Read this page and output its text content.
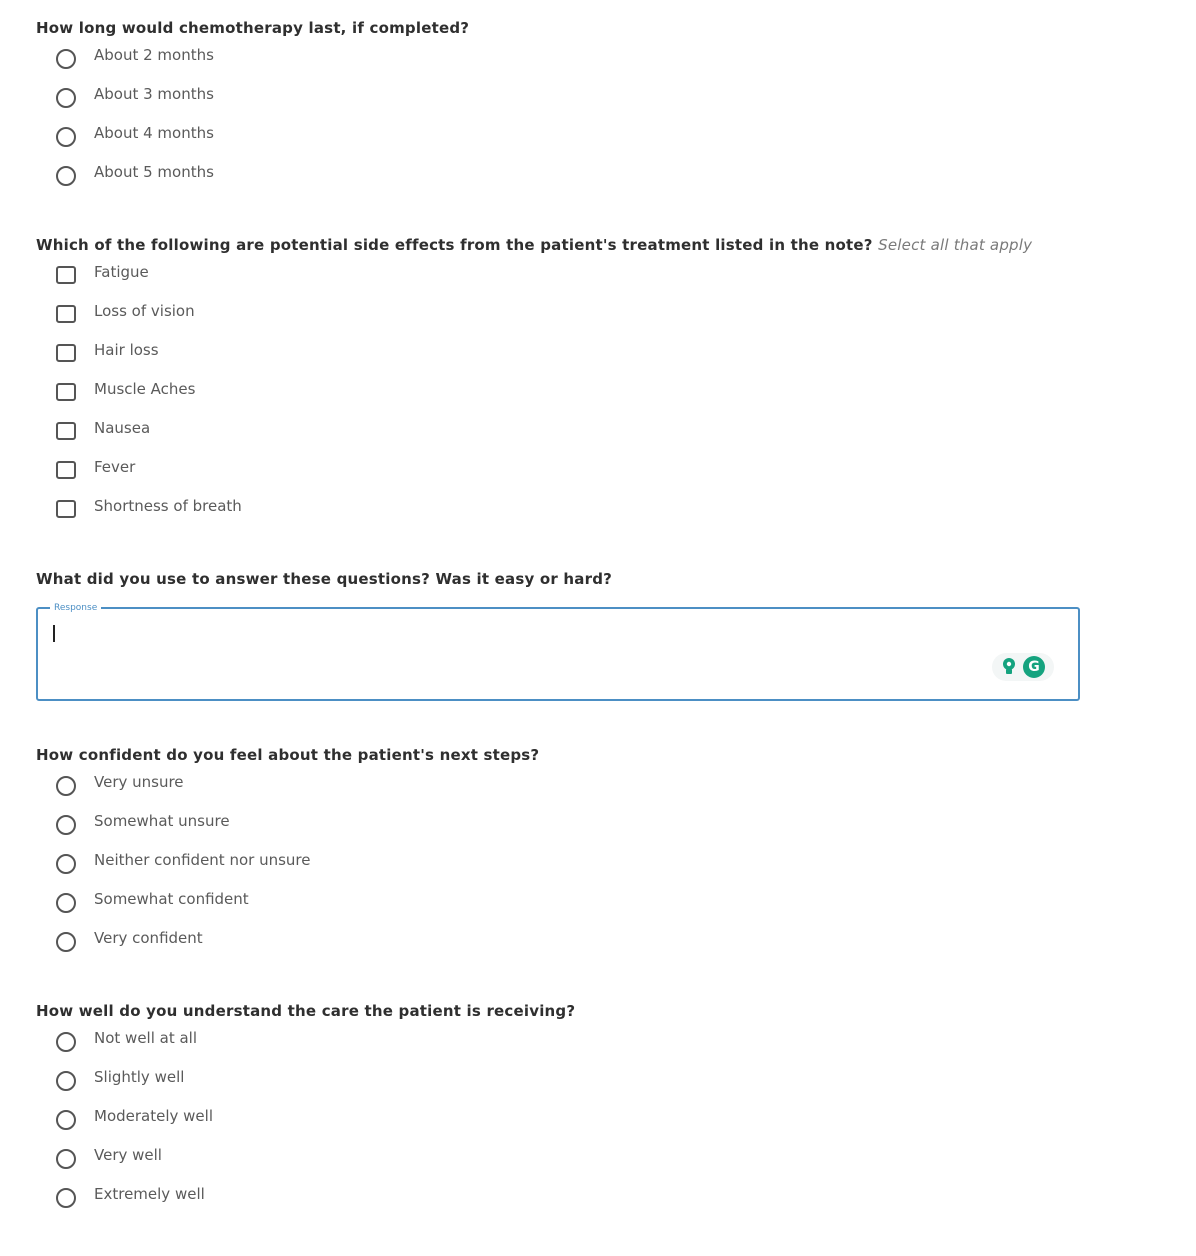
How long would chemotherapy last, if completed?
About 2 months
About 3 months
About 4 months
About 5 months
Which of the following are potential side effects from the patient's treatment listed in the note? Select all that apply
Fatigue
Loss of vision
Hair loss
Muscle Aches
Nausea
Fever
Shortness of breath
What did you use to answer these questions? Was it easy or hard?
Response
G
How confident do you feel about the patient's next steps?
Very unsure
Somewhat unsure
Neither confident nor unsure
Somewhat confident
Very confident
How well do you understand the care the patient is receiving?
Not well at all
Slightly well
Moderately well
Very well
Extremely well
